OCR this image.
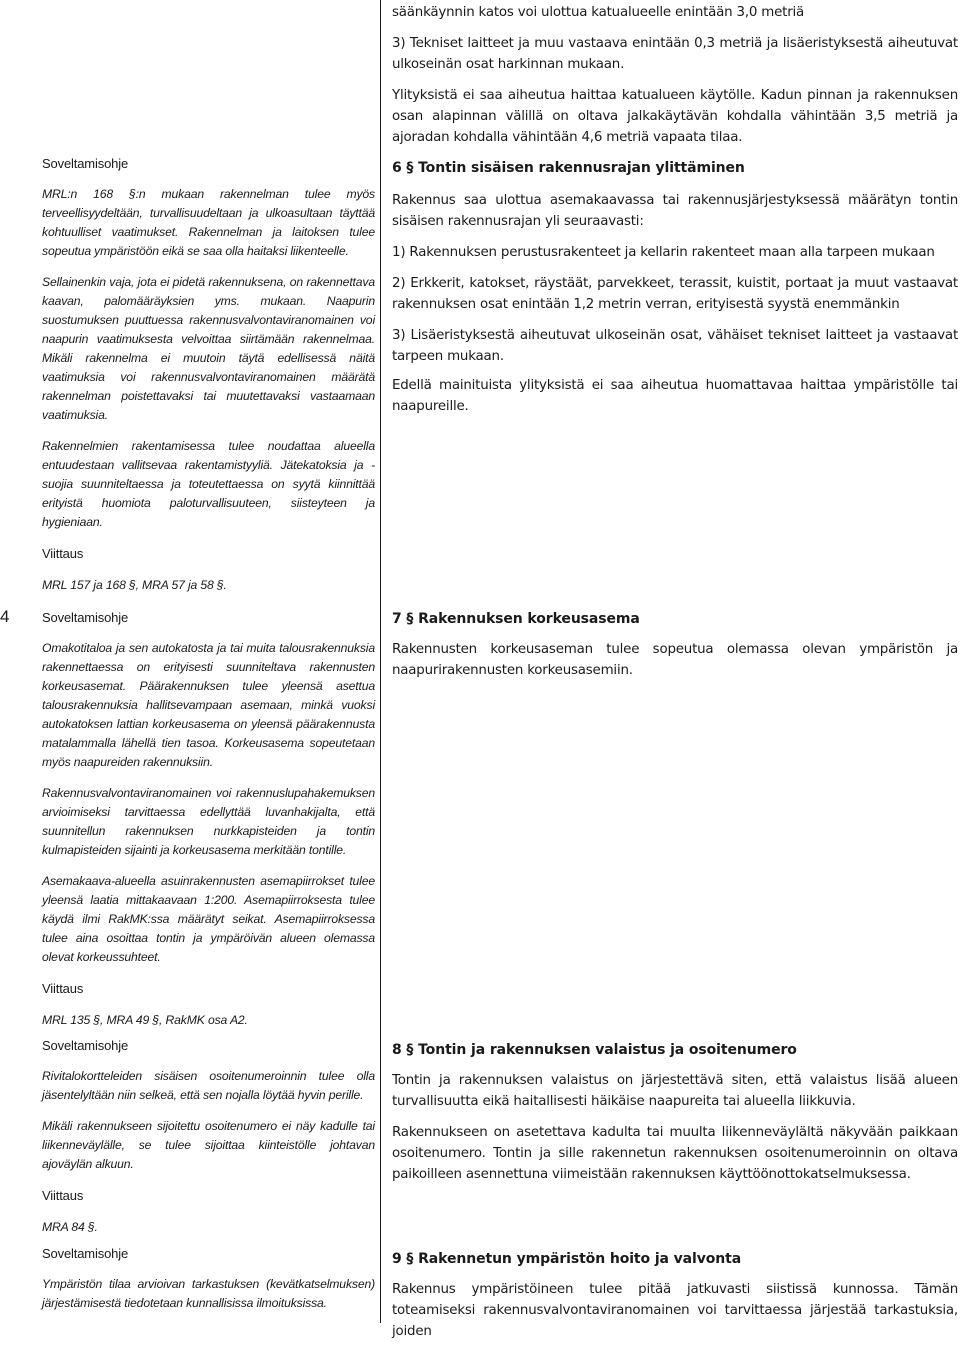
4
Soveltamisohje

MRL:n 168 §:n mukaan rakennelman tulee myös terveellisyydeltään, turvallisuudeltaan ja ulkoasultaan täyttää kohtuulliset vaatimukset. Rakennelman ja laitoksen tulee sopeutua ympäristöön eikä se saa olla haitaksi liikenteelle.

Sellainenkin vaja, jota ei pidetä rakennuksena, on rakennettava kaavan, palomääräyksien yms. mukaan. Naapurin suostumuksen puuttuessa rakennusvalvontaviranomainen voi naapurin vaatimuksesta velvoittaa siirtämään rakennelmaa. Mikäli rakennelma ei muutoin täytä edellisessä näitä vaatimuksia voi rakennusvalvontaviranomainen määrätä rakennelman poistettavaksi tai muutettavaksi vastaamaan vaatimuksia.

Rakennelmien rakentamisessa tulee noudattaa alueella entuudestaan vallitsevaa rakentamistyyliä. Jätekatoksia ja -suojia suunniteltaessa ja toteutettaessa on syytä kiinnittää erityistä huomiota paloturvallisuuteen, siisteyteen ja hygieniaan.

Viittaus

MRL 157 ja 168 §, MRA 57 ja 58 §.

Soveltamisohje

Omakotitaloa ja sen autokatosta ja tai muita talousrakennuksia rakennettaessa on erityisesti suunniteltava rakennusten korkeusasemat. Päärakennuksen tulee yleensä asettua talousrakennuksia hallitsevampaan asemaan, minkä vuoksi autokatoksen lattian korkeusasema on yleensä päärakennusta matalammalla lähellä tien tasoa. Korkeusasema sopeutetaan myös naapureiden rakennuksiin.

Rakennusvalvontaviranomainen voi rakennuslupahakemuksen arvioimiseksi tarvittaessa edellyttää luvanhakijalta, että suunnitellun rakennuksen nurkkapisteiden ja tontin kulmapisteiden sijainti ja korkeusasema merkitään tontille.

Asemakaava-alueella asuinrakennusten asemapiirrokset tulee yleensä laatia mittakaavaan 1:200. Asemapiirroksesta tulee käydä ilmi RakMK:ssa määrätyt seikat. Asemapiirroksessa tulee aina osoittaa tontin ja ympäröivän alueen olemassa olevat korkeussuhteet.

Viittaus

MRL 135 §, MRA 49 §, RakMK osa A2.

Soveltamisohje

Rivitalokortteleiden sisäisen osoitenumeroinnin tulee olla jäsentelyltään niin selkeä, että sen nojalla löytää hyvin perille.

Mikäli rakennukseen sijoitettu osoitenumero ei näy kadulle tai liikenneväylälle, se tulee sijoittaa kiinteistölle johtavan ajoväylän alkuun.

Viittaus

MRA 84 §.

Soveltamisohje

Ympäristön tilaa arvioivan tarkastuksen (kevätkatselmuksen) järjestämisestä tiedotetaan kunnallisissa ilmoituksissa.

säänkäynnin katos voi ulottua katualueelle enintään 3,0 metriä

3) Tekniset laitteet ja muu vastaava enintään 0,3 metriä ja lisäeristyksestä aiheutuvat ulkoseinän osat harkinnan mukaan.

Ylityksistä ei saa aiheutua haittaa katualueen käytölle. Kadun pinnan ja rakennuksen osan alapinnan välillä on oltava jalkakäytävän kohdalla vähintään 3,5 metriä ja ajoradan kohdalla vähintään 4,6 metriä vapaata tilaa.

6 § Tontin sisäisen rakennusrajan ylittäminen

Rakennus saa ulottua asemakaavassa tai rakennusjärjestyksessä määrätyn tontin sisäisen rakennusrajan yli seuraavasti:

1) Rakennuksen perustusrakenteet ja kellarin rakenteet maan alla tarpeen mukaan

2) Erkkerit, katokset, räystäät, parvekkeet, terassit, kuistit, portaat ja muut vastaavat rakennuksen osat enintään 1,2 metrin verran, erityisestä syystä enemmänkin

3) Lisäeristyksestä aiheutuvat ulkoseinän osat, vähäiset tekniset laitteet ja vastaavat tarpeen mukaan.

Edellä mainituista ylityksistä ei saa aiheutua huomattavaa haittaa ympäristölle tai naapureille.

7 § Rakennuksen korkeusasema

Rakennusten korkeusaseman tulee sopeutua olemassa olevan ympäristön ja naapurirakennusten korkeusasemiin.

8 § Tontin ja rakennuksen valaistus ja osoitenumero

Tontin ja rakennuksen valaistus on järjestettävä siten, että valaistus lisää alueen turvallisuutta eikä haitallisesti häikäise naapureita tai alueella liikkuvia.

Rakennukseen on asetettava kadulta tai muulta liikenneväylältä näkyvään paikkaan osoitenumero. Tontin ja sille rakennetun rakennuksen osoitenumeroinnin on oltava paikoilleen asennettuna viimeistään rakennuksen käyttöönottokatselmuksessa.

9 § Rakennetun ympäristön hoito ja valvonta

Rakennus ympäristöineen tulee pitää jatkuvasti siistissä kunnossa. Tämän toteamiseksi rakennusvalvontaviranomainen voi tarvittaessa järjestää tarkastuksia, joiden
